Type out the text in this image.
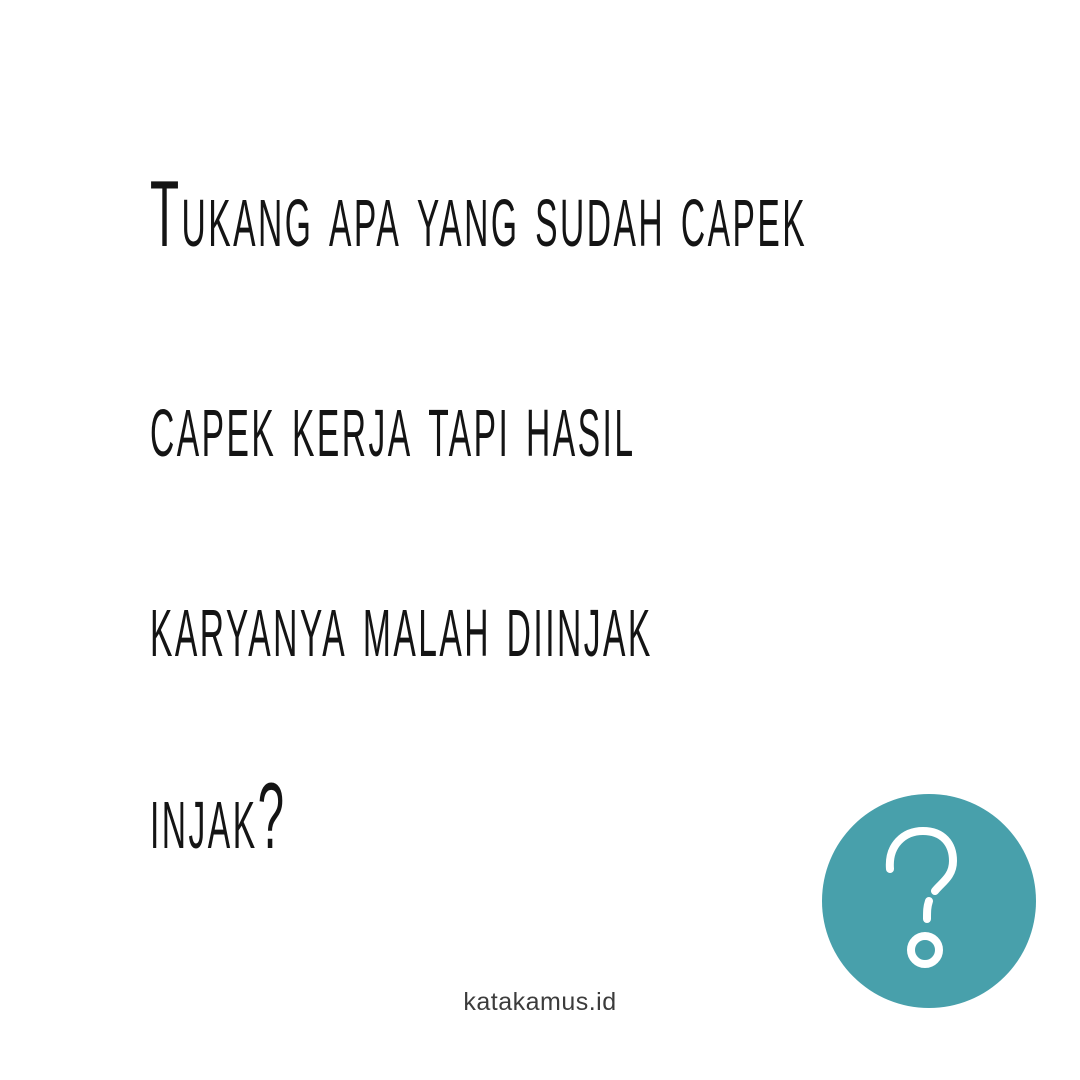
Tukang apa yang sudah capek
capek kerja tapi hasil
karyanya malah diinjak
injak?
katakamus.id
